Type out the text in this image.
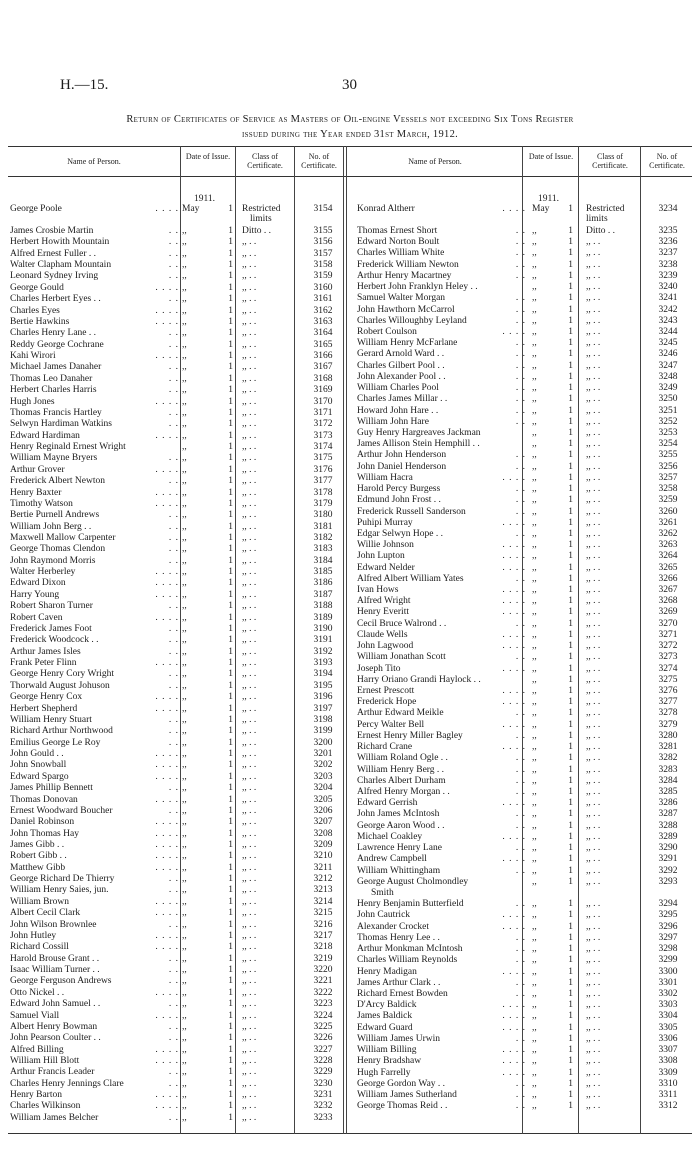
H.—15.	30
Return of Certificates of Service as Masters of Oil-engine Vessels not exceeding Six Tons Register
issued during the Year ended 31st March, 1912.
Name of Person.
Date of Issue.	Class of Certificate.
No. of Certificate.	Name of Person.
Date of Issue.	Class of Certificate.
No. of Certificate.
1911.	1911.
George Poole	. . . . May	1 Restricted	3154
limits
James Crosbie Martin	. . ,,	1 Ditto . .	3155
Herbert Howith Mountain	. . ,,	1 ,, . .	3156
Alfred Ernest Fuller . .	. . ,,	1 ,, . .	3157
Walter Clapham Mountain	. . ,,	1 ,, . .	3158
Leonard Sydney Irving	. . ,,	1 ,, . .	3159
George Gould	. . . . ,,	1 ,, . .	3160
Charles Herbert Eyes . .	. . ,,	1 ,, . .	3161
Charles Eyes	. . . . ,,	1 ,, . .	3162
Bertie Hawkins	. . . . ,,	1 ,, . .	3163
Charles Henry Lane . .	. . ,,	1 ,, . .	3164
Reddy George Cochrane	. . ,,	1 ,, . .	3165
Kahi Wirori	. . . . ,,	1 ,, . .	3166
Michael James Danaher	. . ,,	1 ,, . .	3167
Thomas Leo Danaher	. . ,,	1 ,, . .	3168
Herbert Charles Harris	. . ,,	1 ,, . .	3169
Hugh Jones	. . . . ,,	1 ,, . .	3170
Thomas Francis Hartley	. . ,,	1 ,, . .	3171
Selwyn Hardiman Watkins	. . ,,	1 ,, . .	3172
Edward Hardiman	. . . . ,,	1 ,, . .	3173
Henry Reginald Ernest Wright	,,	1 ,, . .	3174
William Mayne Bryers	. . ,,	1 ,, . .	3175
Arthur Grover	. . . . ,,	1 ,, . .	3176
Frederick Albert Newton	. . ,,	1 ,, . .	3177
Henry Baxter	. . . . ,,	1 ,, . .	3178
Timothy Watson	. . . . ,,	1 ,, . .	3179
Bertie Purnell Andrews	. . ,,	1 ,, . .	3180
William John Berg . .	. . ,,	1 ,, . .	3181
Maxwell Mallow Carpenter	. . ,,	1 ,, . .	3182
George Thomas Clendon	. . ,,	1 ,, . .	3183
John Raymond Morris	. . ,,	1 ,, . .	3184
Walter Herberley	. . . . ,,	1 ,, . .	3185
Edward Dixon	. . . . ,,	1 ,, . .	3186
Harry Young	. . . . ,,	1 ,, . .	3187
Robert Sharon Turner	. . ,,	1 ,, . .	3188
Robert Caven	. . . . ,,	1 ,, . .	3189
Frederick James Foot	. . ,,	1 ,, . .	3190
Frederick Woodcock . .	. . ,,	1 ,, . .	3191
Arthur James Isles	. . ,,	1 ,, . .	3192
Frank Peter Flinn	. . . . ,,	1 ,, . .	3193
George Henry Cory Wright	. . ,,	1 ,, . .	3194
Thorwald August Johuson	. . ,,	1 ,, . .	3195
George Henry Cox	. . . . ,,	1 ,, . .	3196
Herbert Shepherd	. . . . ,,	1 ,, . .	3197
William Henry Stuart	. . ,,	1 ,, . .	3198
Richard Arthur Northwood	. . ,,	1 ,, . .	3199
Emilius George Le Roy	. . ,,	1 ,, . .	3200
John Gould . .	. . . . ,,	1 ,, . .	3201
John Snowball	. . . . ,,	1 ,, . .	3202
Edward Spargo	. . . . ,,	1 ,, . .	3203
James Phillip Bennett	. . ,,	1 ,, . .	3204
Thomas Donovan	. . . . ,,	1 ,, . .	3205
Ernest Woodward Boucher	. . ,,	1 ,, . .	3206
Daniel Robinson	. . . . ,,	1 ,, . .	3207
John Thomas Hay	. . . . ,,	1 ,, . .	3208
James Gibb . .	. . . . ,,	1 ,, . .	3209
Robert Gibb . .	. . . . ,,	1 ,, . .	3210
Matthew Gibb	. . . . ,,	1 ,, . .	3211
George Richard De Thierry	. . ,,	1 ,, . .	3212
William Henry Saies, jun.	. . ,,	1 ,, . .	3213
William Brown	. . . . ,,	1 ,, . .	3214
Albert Cecil Clark	. . . . ,,	1 ,, . .	3215
John Wilson Brownlee	. . ,,	1 ,, . .	3216
John Hutley	. . . . ,,	1 ,, . .	3217
Richard Cossill	. . . . ,,	1 ,, . .	3218
Harold Brouse Grant . .	. . ,,	1 ,, . .	3219
Isaac William Turner . .	. . ,,	1 ,, . .	3220
George Ferguson Andrews	. . ,,	1 ,, . .	3221
Otto Nickel . .	. . . . ,,	1 ,, . .	3222
Edward John Samuel . .	. . ,,	1 ,, . .	3223
Samuel Viall	. . . . ,,	1 ,, . .	3224
Albert Henry Bowman	. . ,,	1 ,, . .	3225
John Pearson Coulter . .	. . ,,	1 ,, . .	3226
Alfred Billing	. . . . ,,	1 ,, . .	3227
William Hill Blott	. . . . ,,	1 ,, . .	3228
Arthur Francis Leader	. . ,,	1 ,, . .	3229
Charles Henry Jennings Clare	. . ,,	1 ,, . .	3230
Henry Barton	. . . . ,,	1 ,, . .	3231
Charles Wilkinson	. . . . ,,	1 ,, . .	3232
William James Belcher	. . ,,	1 ,, . .	3233
Konrad Altherr	. . . . May	1 Restricted	3234
limits
Thomas Ernest Short	. . ,,	1 Ditto . .	3235
Edward Norton Boult	. . ,,	1 ,, . .	3236
Charles William White	. . ,,	1 ,, . .	3237
Frederick William Newton	. . ,,	1 ,, . .	3238
Arthur Henry Macartney	. . ,,	1 ,, . .	3239
Herbert John Franklyn Heley . .	,,	1 ,, . .	3240
Samuel Walter Morgan	. . ,,	1 ,, . .	3241
John Hawthorn McCarrol	. . ,,	1 ,, . .	3242
Charles Willoughby Leyland	. . ,,	1 ,, . .	3243
Robert Coulson	. . . . ,,	1 ,, . .	3244
William Henry McFarlane	. . ,,	1 ,, . .	3245
Gerard Arnold Ward . .	. . ,,	1 ,, . .	3246
Charles Gilbert Pool . .	. . ,,	1 ,, . .	3247
John Alexander Pool . .	. . ,,	1 ,, . .	3248
William Charles Pool	. . ,,	1 ,, . .	3249
Charles James Millar . .	. . ,,	1 ,, . .	3250
Howard John Hare . .	. . ,,	1 ,, . .	3251
William John Hare	. . ,,	1 ,, . .	3252
Guy Henry Hargreaves Jackman	,,	1 ,, . .	3253
James Allison Stein Hemphill . .	,,	1 ,, . .	3254
Arthur John Henderson	. . ,,	1 ,, . .	3255
John Daniel Henderson	. . ,,	1 ,, . .	3256
William Hacra	. . . . ,,	1 ,, . .	3257
Harold Percy Burgess	. . ,,	1 ,, . .	3258
Edmund John Frost . .	. . ,,	1 ,, . .	3259
Frederick Russell Sanderson	. . ,,	1 ,, . .	3260
Puhipi Murray	. . . . ,,	1 ,, . .	3261
Edgar Selwyn Hope . .	. . ,,	1 ,, . .	3262
Willie Johnson	. . . . ,,	1 ,, . .	3263
John Lupton	. . . . ,,	1 ,, . .	3264
Edward Nelder	. . . . ,,	1 ,, . .	3265
Alfred Albert William Yates	. . ,,	1 ,, . .	3266
Ivan Hows	. . . . ,,	1 ,, . .	3267
Alfred Wright	. . . . ,,	1 ,, . .	3268
Henry Everitt	. . . . ,,	1 ,, . .	3269
Cecil Bruce Walrond . .	. . ,,	1 ,, . .	3270
Claude Wells	. . . . ,,	1 ,, . .	3271
John Lagwood	. . . . ,,	1 ,, . .	3272
William Jonathan Scott	. . ,,	1 ,, . .	3273
Joseph Tito	. . . . ,,	1 ,, . .	3274
Harry Oriano Grandi Haylock . .	,,	1 ,, . .	3275
Ernest Prescott	. . . . ,,	1 ,, . .	3276
Frederick Hope	. . . . ,,	1 ,, . .	3277
Arthur Edward Meikle	. . ,,	1 ,, . .	3278
Percy Walter Bell	. . . . ,,	1 ,, . .	3279
Ernest Henry Miller Bagley	. . ,,	1 ,, . .	3280
Richard Crane	. . . . ,,	1 ,, . .	3281
William Roland Ogle . .	. . ,,	1 ,, . .	3282
William Henry Berg . .	. . ,,	1 ,, . .	3283
Charles Albert Durham	. . ,,	1 ,, . .	3284
Alfred Henry Morgan . .	. . ,,	1 ,, . .	3285
Edward Gerrish	. . . . ,,	1 ,, . .	3286
John James McIntosh	. . ,,	1 ,, . .	3287
George Aaron Wood . .	. . ,,	1 ,, . .	3288
Michael Coakley	. . . . ,,	1 ,, . .	3289
Lawrence Henry Lane	. . ,,	1 ,, . .	3290
Andrew Campbell	. . . . ,,	1 ,, . .	3291
William Whittingham	. . ,,	1 ,, . .	3292
George August Cholmondley	,,	1 ,, . .	3293
Smith
Henry Benjamin Butterfield	. . ,,	1 ,, . .	3294
John Cautrick	. . . . ,,	1 ,, . .	3295
Alexander Crocket	. . . . ,,	1 ,, . .	3296
Thomas Henry Lee . .	. . ,,	1 ,, . .	3297
Arthur Monkman McIntosh	. . ,,	1 ,, . .	3298
Charles William Reynolds	. . ,,	1 ,, . .	3299
Henry Madigan	. . . . ,,	1 ,, . .	3300
James Arthur Clark . .	. . ,,	1 ,, . .	3301
Richard Ernest Bowden	. . ,,	1 ,, . .	3302
D'Arcy Baldick	. . . . ,,	1 ,, . .	3303
James Baldick	. . . . ,,	1 ,, . .	3304
Edward Guard	. . . . ,,	1 ,, . .	3305
William James Urwin	. . ,,	1 ,, . .	3306
William Billing	. . . . ,,	1 ,, . .	3307
Henry Bradshaw	. . . . ,,	1 ,, . .	3308
Hugh Farrelly	. . . . ,,	1 ,, . .	3309
George Gordon Way . .	. . ,,	1 ,, . .	3310
William James Sutherland	. . ,,	1 ,, . .	3311
George Thomas Reid . .	. . ,,	1 ,, . .	3312
